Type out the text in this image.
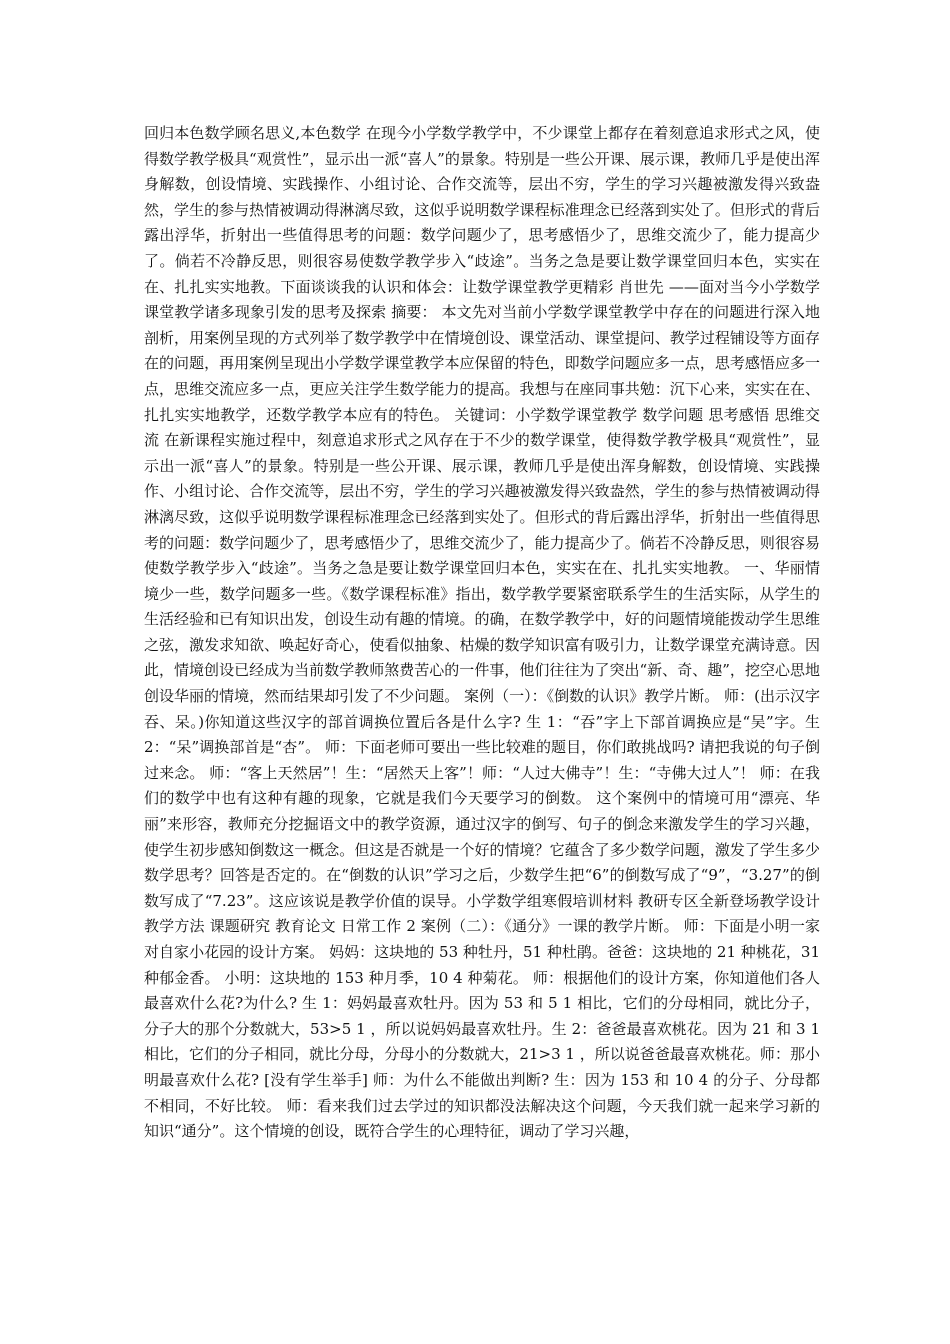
回归本色数学顾名思义,本色数学 在现今小学数学教学中，不少课堂上都存在着刻意追求形式之风，使得数学教学极具“观赏性”，显示出一派“喜人”的景象。特别是一些公开课、展示课，教师几乎是使出浑身解数，创设情境、实践操作、小组讨论、合作交流等，层出不穷，学生的学习兴趣被激发得兴致盎然，学生的参与热情被调动得淋漓尽致，这似乎说明数学课程标准理念已经落到实处了。但形式的背后露出浮华，折射出一些值得思考的问题：数学问题少了，思考感悟少了，思维交流少了，能力提高少了。倘若不冷静反思，则很容易使数学教学步入“歧途”。当务之急是要让数学课堂回归本色，实实在在、扎扎实实地教。下面谈谈我的认识和体会：让数学课堂教学更精彩 肖世先 ——面对当今小学数学课堂教学诸多现象引发的思考及探索 摘要： 本文先对当前小学数学课堂教学中存在的问题进行深入地剖析，用案例呈现的方式列举了数学教学中在情境创设、课堂活动、课堂提问、教学过程铺设等方面存在的问题，再用案例呈现出小学数学课堂教学本应保留的特色，即数学问题应多一点，思考感悟应多一点，思维交流应多一点，更应关注学生数学能力的提高。我想与在座同事共勉：沉下心来，实实在在、扎扎实实地教学，还数学教学本应有的特色。 关键词：小学数学课堂教学 数学问题 思考感悟 思维交流 在新课程实施过程中，刻意追求形式之风存在于不少的数学课堂，使得数学教学极具“观赏性”，显示出一派“喜人”的景象。特别是一些公开课、展示课，教师几乎是使出浑身解数，创设情境、实践操作、小组讨论、合作交流等，层出不穷，学生的学习兴趣被激发得兴致盎然，学生的参与热情被调动得淋漓尽致，这似乎说明数学课程标准理念已经落到实处了。但形式的背后露出浮华，折射出一些值得思考的问题：数学问题少了，思考感悟少了，思维交流少了，能力提高少了。倘若不冷静反思，则很容易使数学教学步入“歧途”。当务之急是要让数学课堂回归本色，实实在在、扎扎实实地教。 一、华丽情境少一些，数学问题多一些。《数学课程标准》指出，数学教学要紧密联系学生的生活实际，从学生的生活经验和已有知识出发，创设生动有趣的情境。的确，在数学教学中，好的问题情境能拨动学生思维之弦，激发求知欲、唤起好奇心，使看似抽象、枯燥的数学知识富有吸引力，让数学课堂充满诗意。因此，情境创设已经成为当前数学教师煞费苦心的一件事，他们往往为了突出“新、奇、趣”，挖空心思地创设华丽的情境，然而结果却引发了不少问题。 案例（一）：《倒数的认识》教学片断。 师：(出示汉字吞、呆。)你知道这些汉字的部首调换位置后各是什么字? 生 1：“吞”字上下部首调换应是“吴”字。生 2：“呆”调换部首是“杏”。 师：下面老师可要出一些比较难的题目，你们敢挑战吗? 请把我说的句子倒过来念。 师：“客上天然居”！生：“居然天上客”！师：“人过大佛寺”！生：“寺佛大过人”！ 师：在我们的数学中也有这种有趣的现象，它就是我们今天要学习的倒数。 这个案例中的情境可用“漂亮、华丽”来形容，教师充分挖掘语文中的教学资源，通过汉字的倒写、句子的倒念来激发学生的学习兴趣，使学生初步感知倒数这一概念。但这是否就是一个好的情境？它蕴含了多少数学问题，激发了学生多少数学思考？回答是否定的。在“倒数的认识”学习之后，少数学生把“6”的倒数写成了“9”，“3.27”的倒数写成了“7.23”。这应该说是教学价值的误导。小学数学组寒假培训材料 教研专区全新登场教学设计 教学方法 课题研究 教育论文 日常工作 2 案例（二）：《通分》一课的教学片断。 师：下面是小明一家对自家小花园的设计方案。 妈妈：这块地的 53 种牡丹，51 种杜鹃。爸爸：这块地的 21 种桃花，31 种郁金香。 小明：这块地的 153 种月季，10 4 种菊花。 师：根据他们的设计方案，你知道他们各人最喜欢什么花?为什么? 生 1：妈妈最喜欢牡丹。因为 53 和 5 1 相比，它们的分母相同，就比分子，分子大的那个分数就大，53>5 1 ，所以说妈妈最喜欢牡丹。生 2：爸爸最喜欢桃花。因为 21 和 3 1 相比，它们的分子相同，就比分母，分母小的分数就大，21>3 1 ，所以说爸爸最喜欢桃花。师：那小明最喜欢什么花? [没有学生举手] 师：为什么不能做出判断? 生：因为 153 和 10 4 的分子、分母都不相同，不好比较。 师：看来我们过去学过的知识都没法解决这个问题，今天我们就一起来学习新的知识“通分”。这个情境的创设，既符合学生的心理特征，调动了学习兴趣，
